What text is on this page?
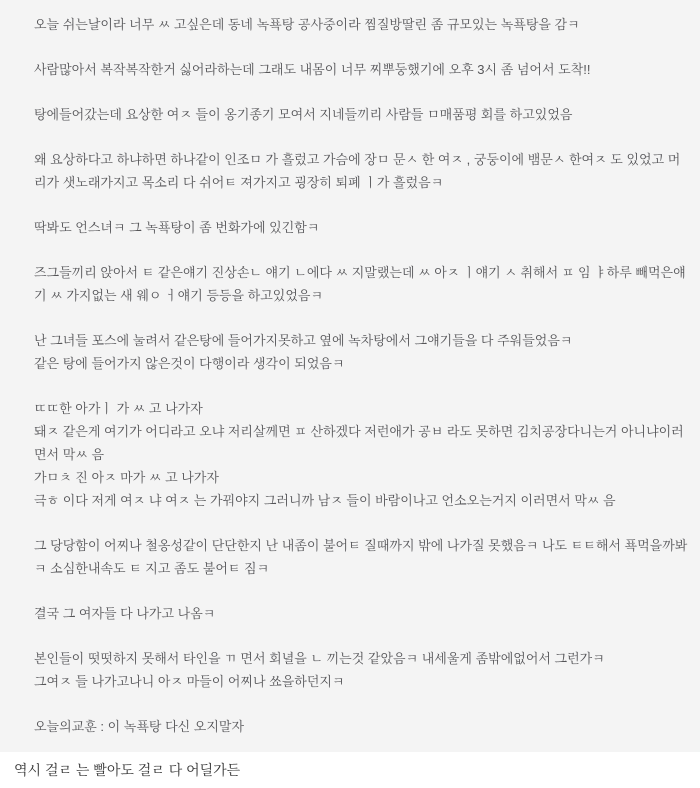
오늘 쉬는날이라 너무 ㅆ 고싶은데 동네 녹푝탕 공사중이라 찜질방딸린 좀 규모있는 녹푝탕을 감ㅋ

사람많아서 복작복작한거 싫어라하는데 그래도 내몸이 너무 찌뿌둥했기에 오후 3시 좀 넘어서 도착!!

탕에들어갔는데 요상한 여ㅈ 들이 옹기종기 모여서 지네들끼리 사람들 ㅁ매품평 회를 하고있었음

왜 요상하다고 하냐하면 하나같이 인조ㅁ 가 흘렀고 가슴에 장ㅁ 문ㅅ 한 여ㅈ , 궁둥이에 뱀문ㅅ 한여ㅈ 도 있었고 머리가 샛노래가지고 목소리 다 쉬어ㅌ 져가지고 굉장히 퇴폐 ㅣ가 흘렀음ㅋ

딱봐도 언스녀ㅋ 그 녹푝탕이 좀 번화가에 있긴함ㅋ

즈그들끼리 앉아서 ㅌ 같은얘기 진상손ㄴ 얘기 ㄴ에다 ㅆ 지말랬는데 ㅆ 아ㅈ ㅣ얘기 ㅅ 취해서 ㅍ 임 ㅑ하루 빼먹은얘기 ㅆ 가지없는 새 웨ㅇ ㅓ얘기 등등을 하고있었음ㅋ

난 그녀들 포스에 눌려서 같은탕에 들어가지못하고 옆에 녹차탕에서 그얘기들을 다 주워들었음ㅋ
같은 탕에 들어가지 않은것이 다행이라 생각이 되었음ㅋ

ㄸㄸ한 아가ㅣ 가 ㅆ 고 나가자
돼ㅈ 같은게 여기가 어디라고 오냐 저리살께면 ㅍ 산하겠다 저런애가 공ㅂ 라도 못하면 김치공장다니는거 아니냐이러면서 막ㅆ 음
가ㅁㅊ 진 아ㅈ 마가 ㅆ 고 나가자
극ㅎ 이다 저게 여ㅈ 냐 여ㅈ 는 가꿔야지 그러니까 남ㅈ 들이 바람이나고 언소오는거지 이러면서 막ㅆ 음

그 당당함이 어찌나 철옹성같이 단단한지 난 내좀이 불어ㅌ 질때까지 밖에 나가질 못했음ㅋ 나도 ㅌㅌ해서 푝먹을까봐ㅋ 소심한내속도 ㅌ 지고 좀도 불어ㅌ 짐ㅋ

결국 그 여자들 다 나가고 나옴ㅋ

본인들이 떳떳하지 못해서 타인을 ㄲ 면서 회녈을 ㄴ 끼는것 같았음ㅋ 내세울게 좀밖에없어서 그런가ㅋ
그여ㅈ 들 나가고나니 아ㅈ 마들이 어찌나 쑈을하던지ㅋ

오늘의교훈 : 이 녹푝탕 다신 오지말자

역시 걸ㄹ 는 빨아도 걸ㄹ 다 어딜가든
